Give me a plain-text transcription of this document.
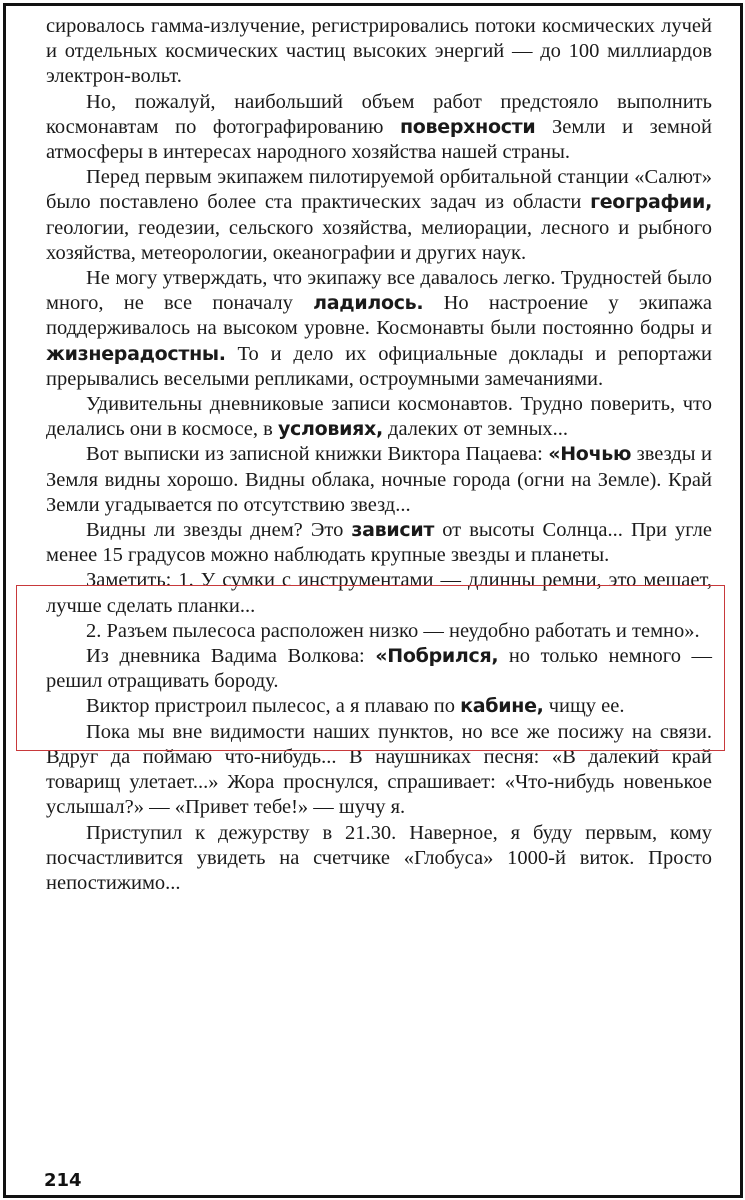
сировалось гамма-излучение, регистрировались потоки космических лучей и отдельных космических частиц высоких энергий — до 100 миллиардов электрон-вольт.

Но, пожалуй, наибольший объем работ предстояло выполнить космонавтам по фотографированию поверхности Земли и земной атмосферы в интересах народного хозяйства нашей страны.

Перед первым экипажем пилотируемой орбитальной станции «Салют» было поставлено более ста практических задач из области географии, геологии, геодезии, сельского хозяйства, мелиорации, лесного и рыбного хозяйства, метеорологии, океанографии и других наук.

Не могу утверждать, что экипажу все давалось легко. Трудностей было много, не все поначалу ладилось. Но настроение у экипажа поддерживалось на высоком уровне. Космонавты были постоянно бодры и жизнерадостны. То и дело их официальные доклады и репортажи прерывались веселыми репликами, остроумными замечаниями.

Удивительны дневниковые записи космонавтов. Трудно поверить, что делались они в космосе, в условиях, далеких от земных...

Вот выписки из записной книжки Виктора Пацаева: «Ночью звезды и Земля видны хорошо. Видны облака, ночные города (огни на Земле). Край Земли угадывается по отсутствию звезд...

Видны ли звезды днем? Это зависит от высоты Солнца... При угле менее 15 градусов можно наблюдать крупные звезды и планеты.

Заметить: 1. У сумки с инструментами — длинны ремни, это мешает, лучше сделать планки...

2. Разъем пылесоса расположен низко — неудобно работать и темно».

Из дневника Вадима Волкова: «Побрился, но только немного — решил отращивать бороду.

Виктор пристроил пылесос, а я плаваю по кабине, чищу ее.

Пока мы вне видимости наших пунктов, но все же посижу на связи. Вдруг да поймаю что-нибудь... В наушниках песня: «В далекий край товарищ улетает...» Жора проснулся, спрашивает: «Что-нибудь новенькое услышал?» — «Привет тебе!» — шучу я.

Приступил к дежурству в 21.30. Наверное, я буду первым, кому посчастливится увидеть на счетчике «Глобуса» 1000-й виток. Просто непостижимо...

214
